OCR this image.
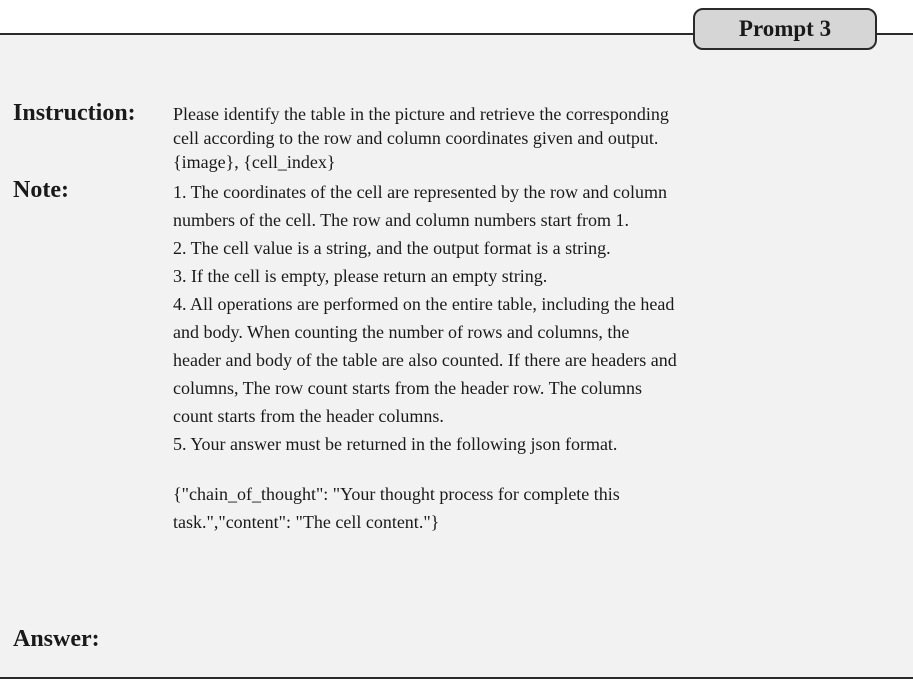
Prompt 3
Instruction: Please identify the table in the picture and retrieve the corresponding
cell according to the row and column coordinates given and output.
{image}, {cell_index}
Note:	1. The coordinates of the cell are represented by the row and column
numbers of the cell. The row and column numbers start from 1.
2. The cell value is a string, and the output format is a string.
3. If the cell is empty, please return an empty string.
4. All operations are performed on the entire table, including the head
and body. When counting the number of rows and columns, the
header and body of the table are also counted. If there are headers and
columns, The row count starts from the header row. The columns
count starts from the header columns.
5. Your answer must be returned in the following json format.
{"chain_of_thought": "Your thought process for complete this
task.","content": "The cell content."}
Answer:
